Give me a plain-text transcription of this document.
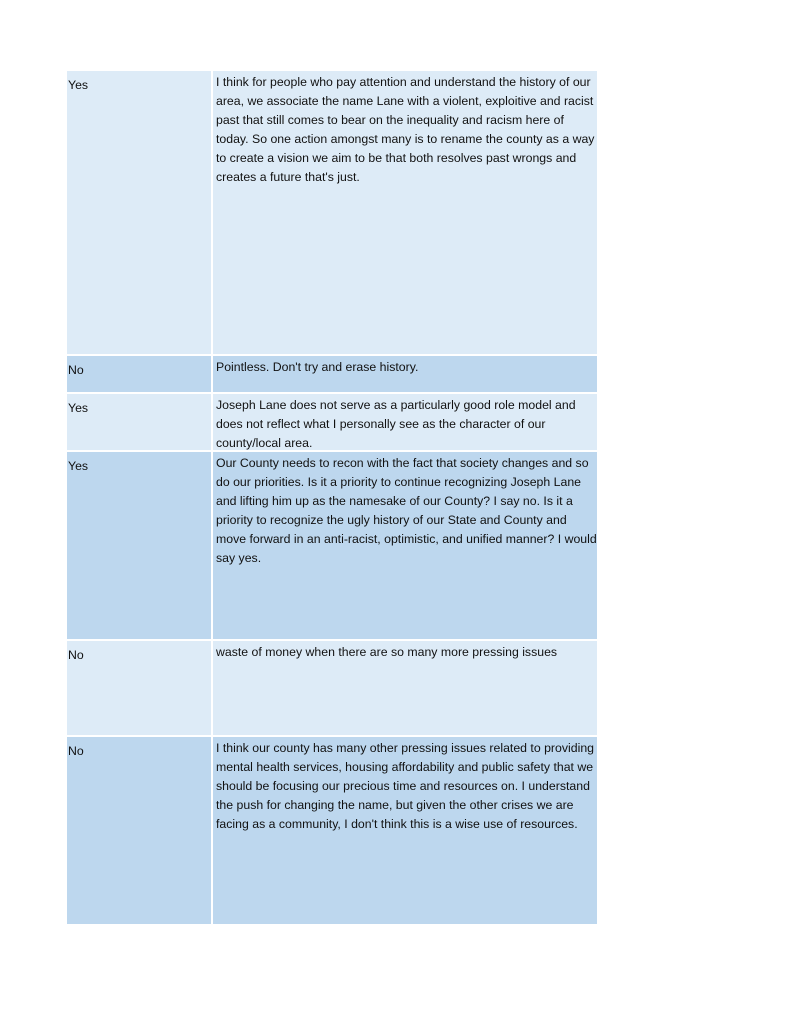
Yes	I think for people who pay attention and understand the history of our area, we associate the name Lane with a violent, exploitive and racist past that still comes to bear on the inequality and racism here of today. So one action amongst many is to rename the county as a way to create a vision we aim to be that both resolves past wrongs and creates a future that's just.
No	Pointless. Don't try and erase history.
Yes	Joseph Lane does not serve as a particularly good role model and does not reflect what I personally see as the character of our county/local area.
Yes	Our County needs to recon with the fact that society changes and so do our priorities. Is it a priority to continue recognizing Joseph Lane and lifting him up as the namesake of our County? I say no. Is it a priority to recognize the ugly history of our State and County and move forward in an anti-racist, optimistic, and unified manner? I would say yes.
No	waste of money when there are so many more pressing issues
No	I think our county has many other pressing issues related to providing mental health services, housing affordability and public safety that we should be focusing our precious time and resources on. I understand the push for changing the name, but given the other crises we are facing as a community, I don't think this is a wise use of resources.
